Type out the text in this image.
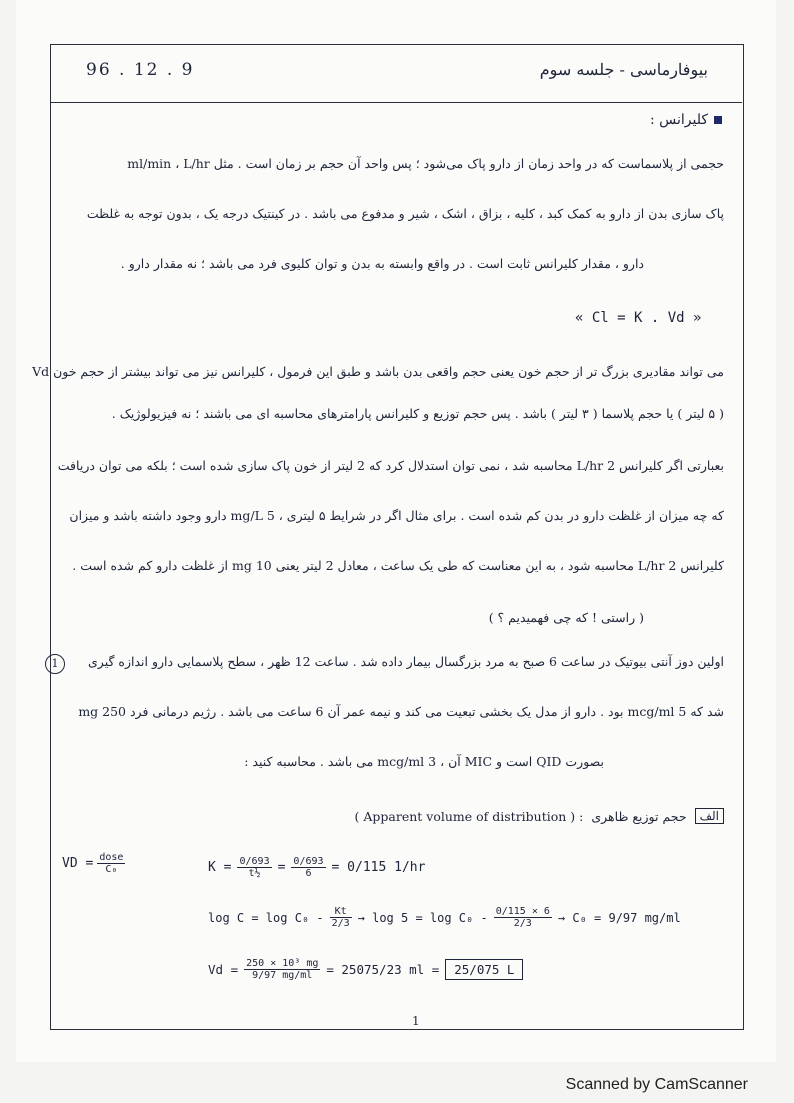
96 . 12 . 9	بیوفارماسی - جلسه سوم
کلیرانس :
حجمی از پلاسماست که در واحد زمان از دارو پاک می‌شود ؛ پس واحد آن حجم بر زمان است . مثل ml/min ، L/hr
پاک سازی بدن از دارو به کمک کبد ، کلیه ، بزاق ، اشک ، شیر و مدفوع می باشد . در کینتیک درجه یک ، بدون توجه به غلظت
دارو ، مقدار کلیرانس ثابت است . در واقع وابسته به بدن و توان کلیوی فرد می باشد ؛ نه مقدار دارو .
« Cl = K . Vd »
Vd می تواند مقادیری بزرگ تر از حجم خون یعنی حجم واقعی بدن باشد و طبق این فرمول ، کلیرانس نیز می تواند بیشتر از حجم خون
( ۵ لیتر ) یا حجم پلاسما ( ۳ لیتر ) باشد . پس حجم توزیع و کلیرانس پارامترهای محاسبه ای می باشند ؛ نه فیزیولوژیک .
بعبارتی اگر کلیرانس 2 L/hr محاسبه شد ، نمی توان استدلال کرد که 2 لیتر از خون پاک سازی شده است ؛ بلکه می توان دریافت
که چه میزان از غلظت دارو در بدن کم شده است . برای مثال اگر در شرایط ۵ لیتری ، 5 mg/L دارو وجود داشته باشد و میزان
کلیرانس 2 L/hr محاسبه شود ، به این معناست که طی یک ساعت ، معادل 2 لیتر یعنی 10 mg از غلظت دارو کم شده است .
( راستی ! که چی فهمیدیم ؟ )
1	اولین دوز آنتی بیوتیک در ساعت 6 صبح به مرد بزرگسال بیمار داده شد . ساعت 12 ظهر ، سطح پلاسمایی دارو اندازه گیری
شد که 5 mcg/ml بود . دارو از مدل یک بخشی تبعیت می کند و نیمه عمر آن 6 ساعت می باشد . رژیم درمانی فرد 250 mg
بصورت QID است و MIC آن ، 3 mcg/ml می باشد . محاسبه کنید :
الف
حجم توزیع ظاهری
( Apparent volume of distribution ) :
VD = $\frac{\text{dose}}{\text{C₀}}$	$K = \frac{0/693}{\text{t½}} = \frac{0/693}{6} = 0/115$ 1/hr
$\log C = \log C_0 - \frac{Kt}{2/3} \to \log 5 = \log C_0 - \frac{0/115 \times 6}{2/3} \to C_0 = 9/97$ mg/ml
$Vd = \frac{\text{250 × 10³ mg}}{9/97 mg/ml} = 25075/23$ ml =	25/075 L
1
Scanned by CamScanner
